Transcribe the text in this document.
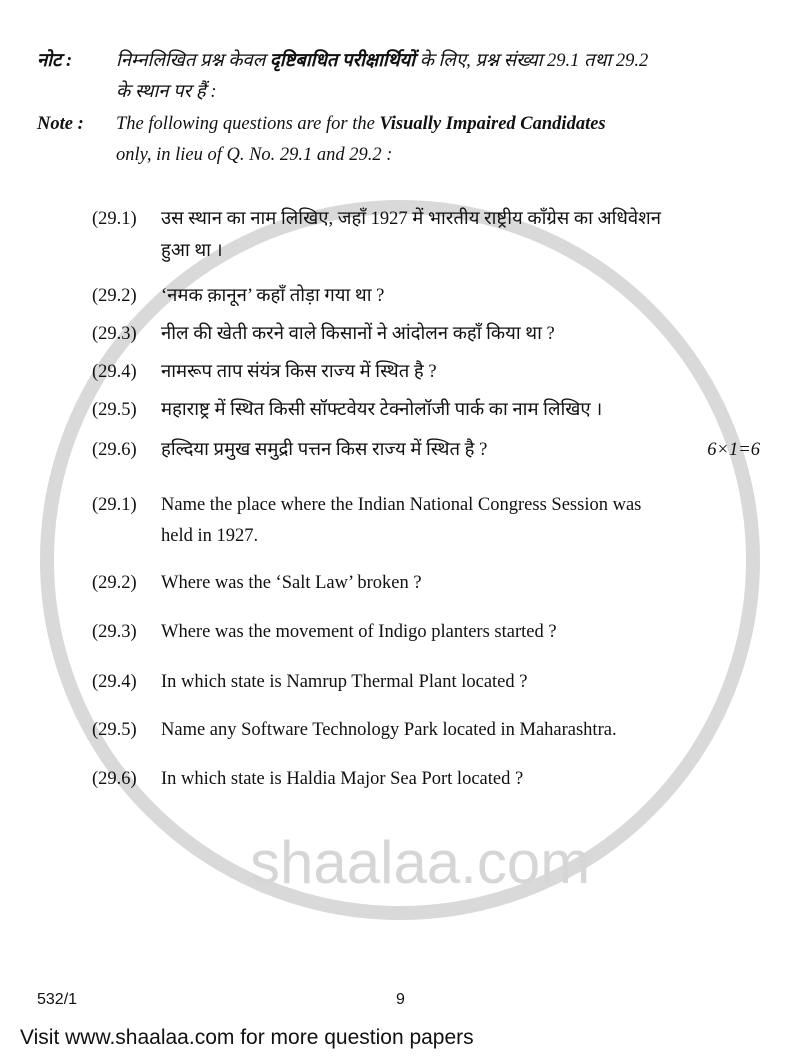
shaalaa.com
नोट : निम्नलिखित प्रश्न केवल दृष्टिबाधित परीक्षार्थियों के लिए, प्रश्न संख्या 29.1 तथा 29.2
के स्थान पर हैं :
Note : The following questions are for the Visually Impaired Candidates
only, in lieu of Q. No. 29.1 and 29.2 :
(29.1) उस स्थान का नाम लिखिए, जहाँ 1927 में भारतीय राष्ट्रीय काँग्रेस का अधिवेशन
हुआ था ।
(29.2) ‘नमक क़ानून’ कहाँ तोड़ा गया था ?
(29.3) नील की खेती करने वाले किसानों ने आंदोलन कहाँ किया था ?
(29.4) नामरूप ताप संयंत्र किस राज्य में स्थित है ?
(29.5) महाराष्ट्र में स्थित किसी सॉफ्टवेयर टेक्नोलॉजी पार्क का नाम लिखिए ।
(29.6) हल्दिया प्रमुख समुद्री पत्तन किस राज्य में स्थित है ?	6×1=6
(29.1) Name the place where the Indian National Congress Session was
held in 1927.
(29.2) Where was the ‘Salt Law’ broken ?
(29.3) Where was the movement of Indigo planters started ?
(29.4) In which state is Namrup Thermal Plant located ?
(29.5) Name any Software Technology Park located in Maharashtra.
(29.6) In which state is Haldia Major Sea Port located ?
532/1	9
Visit www.shaalaa.com for more question papers
